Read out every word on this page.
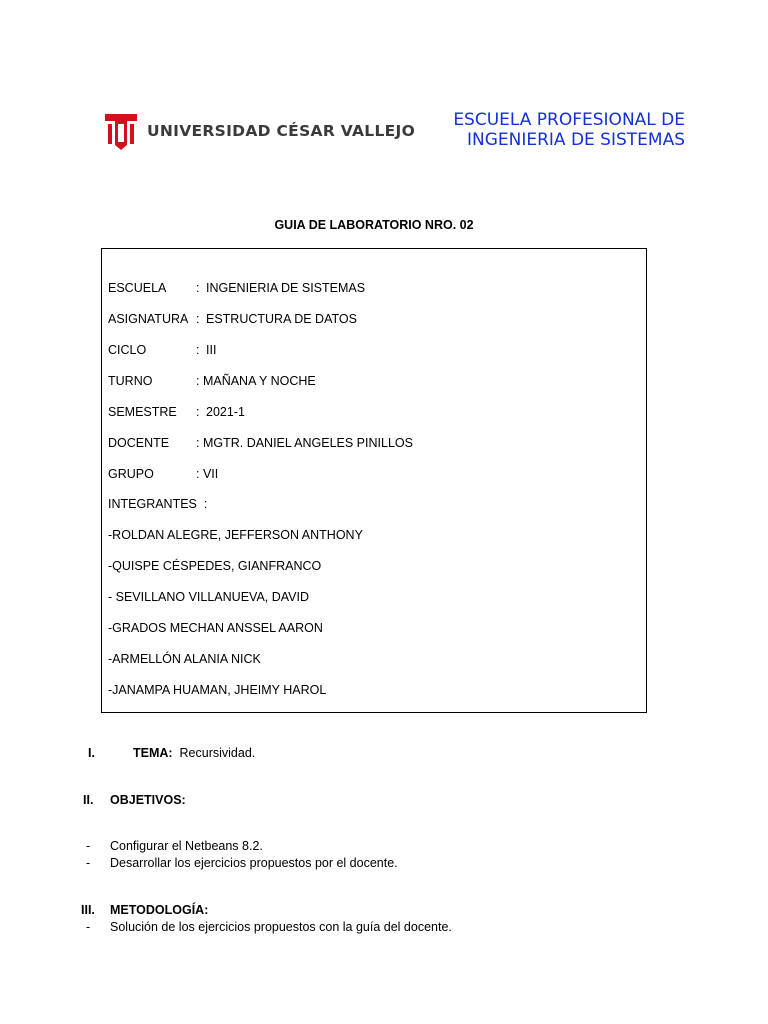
UNIVERSIDAD CÉSAR VALLEJO
ESCUELA PROFESIONAL DE
INGENIERIA DE SISTEMAS
GUIA DE LABORATORIO NRO. 02
ESCUELA : INGENIERIA DE SISTEMAS
ASIGNATURA : ESTRUCTURA DE DATOS
CICLO	: III
TURNO	: MAÑANA Y NOCHE
SEMESTRE : 2021-1
DOCENTE : MGTR. DANIEL ANGELES PINILLOS
GRUPO	: VII
INTEGRANTES  :
-ROLDAN ALEGRE, JEFFERSON ANTHONY
-QUISPE CÉSPEDES, GIANFRANCO
- SEVILLANO VILLANUEVA, DAVID
-GRADOS MECHAN ANSSEL AARON
-ARMELLÓN ALANIA NICK
-JANAMPA HUAMAN, JHEIMY HAROL
I.	TEMA: Recursividad.
II. OBJETIVOS:
- Configurar el Netbeans 8.2.
- Desarrollar los ejercicios propuestos por el docente.
III. METODOLOGÍA:
- Solución de los ejercicios propuestos con la guía del docente.
